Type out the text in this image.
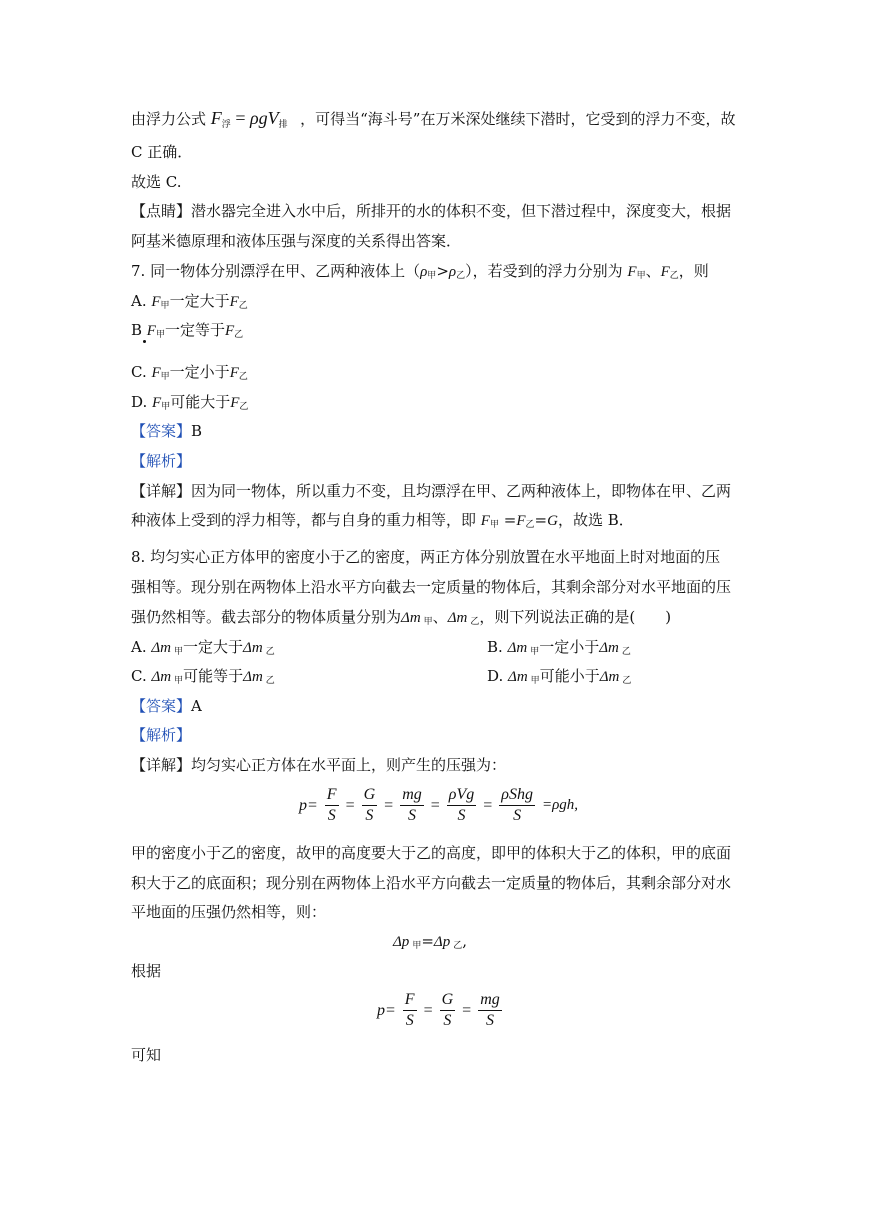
由浮力公式 $F_浮 = \rho gV_排$ ，可得当“海斗号”在万米深处继续下潜时，它受到的浮力不变，故
C 正确．
故选 C.
【点睛】潜水器完全进入水中后，所排开的水的体积不变，但下潜过程中，深度变大，根据
阿基米德原理和液体压强与深度的关系得出答案．
7. 同一物体分别漂浮在甲、乙两种液体上（ρ甲>ρ乙），若受到的浮力分别为 F甲、F乙，则
A. F甲一定大于F乙
B F甲一定等于F乙
C. F甲一定小于F乙
D. F甲可能大于F乙
【答案】B
【解析】
【详解】因为同一物体，所以重力不变，且均漂浮在甲、乙两种液体上，即物体在甲、乙两
种液体上受到的浮力相等，都与自身的重力相等，即 F甲 =F乙=G，故选 B．
8. 均匀实心正方体甲的密度小于乙的密度，两正方体分别放置在水平地面上时对地面的压
强相等。现分别在两物体上沿水平方向截去一定质量的物体后，其剩余部分对水平地面的压
强仍然相等。截去部分的物体质量分别为Δm 甲、Δm 乙，则下列说法正确的是(　　)
A. Δm 甲一定大于Δm 乙	B. Δm 甲一定小于Δm 乙
C. Δm 甲可能等于Δm 乙	D. Δm 甲可能小于Δm 乙
【答案】A
【解析】
【详解】均匀实心正方体在水平面上，则产生的压强为：
$p= \frac{F}{S} = \frac{G}{S} = \frac{mg}{S} = \frac{\text{ρVg}}{S} = \frac{\text{ρShg}}{S} =\rho gh$,
甲的密度小于乙的密度，故甲的高度要大于乙的高度，即甲的体积大于乙的体积，甲的底面
积大于乙的底面积；现分别在两物体上沿水平方向截去一定质量的物体后，其剩余部分对水
平地面的压强仍然相等，则：
Δp 甲=Δp 乙,
根据
$p= \frac{F}{S} = \frac{G}{S} = \frac{mg}{S}$
可知
